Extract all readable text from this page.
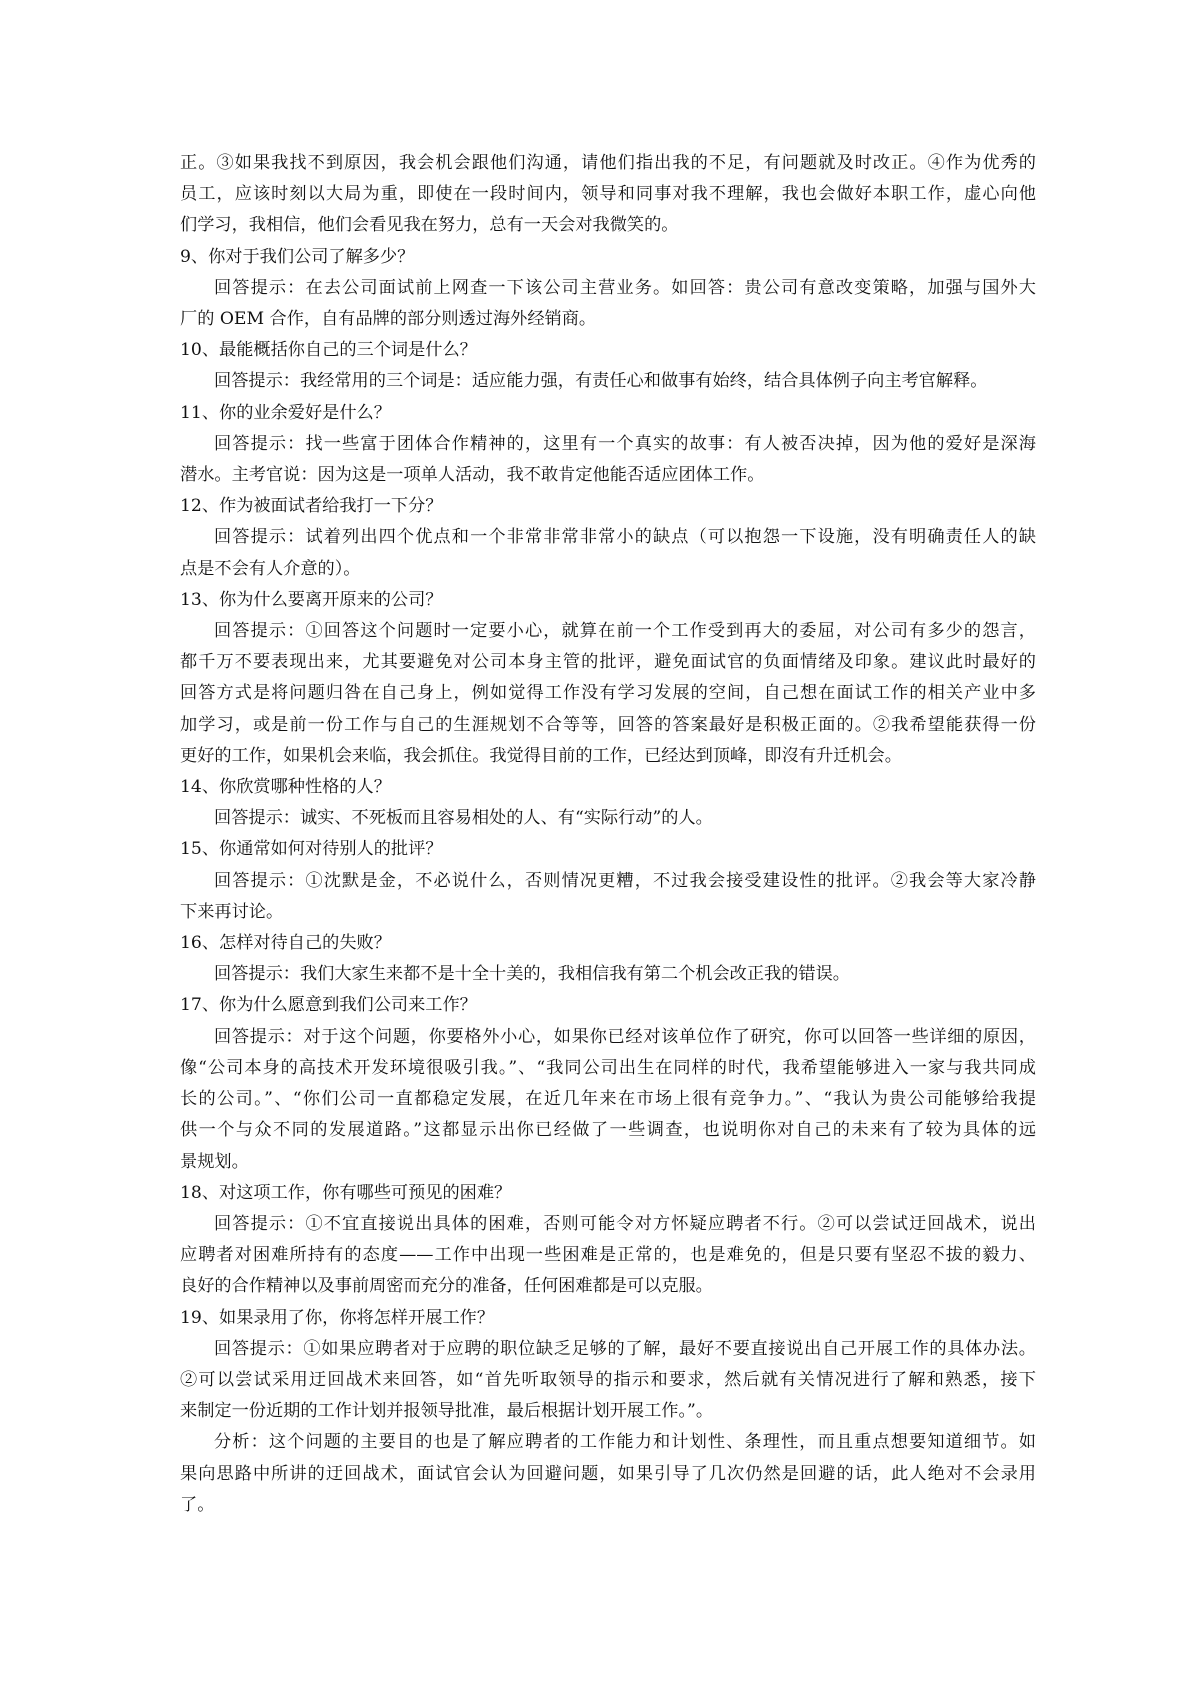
正。③如果我找不到原因，我会机会跟他们沟通，请他们指出我的不足，有问题就及时改正。④作为优秀的
员工，应该时刻以大局为重，即使在一段时间内，领导和同事对我不理解，我也会做好本职工作，虚心向他
们学习，我相信，他们会看见我在努力，总有一天会对我微笑的。
9、你对于我们公司了解多少？
回答提示：在去公司面试前上网查一下该公司主营业务。如回答：贵公司有意改变策略，加强与国外大
厂的 OEM 合作，自有品牌的部分则透过海外经销商。
10、最能概括你自己的三个词是什么？
回答提示：我经常用的三个词是：适应能力强，有责任心和做事有始终，结合具体例子向主考官解释。
11、你的业余爱好是什么？
回答提示：找一些富于团体合作精神的，这里有一个真实的故事：有人被否决掉，因为他的爱好是深海
潜水。主考官说：因为这是一项单人活动，我不敢肯定他能否适应团体工作。
12、作为被面试者给我打一下分？
回答提示：试着列出四个优点和一个非常非常非常小的缺点（可以抱怨一下设施，没有明确责任人的缺
点是不会有人介意的）。
13、你为什么要离开原来的公司？
回答提示：①回答这个问题时一定要小心，就算在前一个工作受到再大的委屈，对公司有多少的怨言，
都千万不要表现出来，尤其要避免对公司本身主管的批评，避免面试官的负面情绪及印象。建议此时最好的
回答方式是将问题归咎在自己身上，例如觉得工作没有学习发展的空间，自己想在面试工作的相关产业中多
加学习，或是前一份工作与自己的生涯规划不合等等，回答的答案最好是积极正面的。②我希望能获得一份
更好的工作，如果机会来临，我会抓住。我觉得目前的工作，已经达到顶峰，即沒有升迁机会。
14、你欣赏哪种性格的人？
回答提示：诚实、不死板而且容易相处的人、有“实际行动”的人。
15、你通常如何对待别人的批评？
回答提示：①沈默是金，不必说什么，否则情况更糟，不过我会接受建设性的批评。②我会等大家冷静
下来再讨论。
16、怎样对待自己的失败？
回答提示：我们大家生来都不是十全十美的，我相信我有第二个机会改正我的错误。
17、你为什么愿意到我们公司来工作？
回答提示：对于这个问题，你要格外小心，如果你已经对该单位作了研究，你可以回答一些详细的原因，
像“公司本身的高技术开发环境很吸引我。”、“我同公司出生在同样的时代，我希望能够进入一家与我共同成
长的公司。”、“你们公司一直都稳定发展，在近几年来在市场上很有竞争力。”、“我认为贵公司能够给我提
供一个与众不同的发展道路。”这都显示出你已经做了一些调查，也说明你对自己的未来有了较为具体的远
景规划。
18、对这项工作，你有哪些可预见的困难？
回答提示：①不宜直接说出具体的困难，否则可能令对方怀疑应聘者不行。②可以尝试迂回战术，说出
应聘者对困难所持有的态度——工作中出现一些困难是正常的，也是难免的，但是只要有坚忍不拔的毅力、
良好的合作精神以及事前周密而充分的准备，任何困难都是可以克服。
19、如果录用了你，你将怎样开展工作？
回答提示：①如果应聘者对于应聘的职位缺乏足够的了解，最好不要直接说出自己开展工作的具体办法。
②可以尝试采用迂回战术来回答，如“首先听取领导的指示和要求，然后就有关情况进行了解和熟悉，接下
来制定一份近期的工作计划并报领导批准，最后根据计划开展工作。”。
分析：这个问题的主要目的也是了解应聘者的工作能力和计划性、条理性，而且重点想要知道细节。如
果向思路中所讲的迂回战术，面试官会认为回避问题，如果引导了几次仍然是回避的话，此人绝对不会录用
了。
